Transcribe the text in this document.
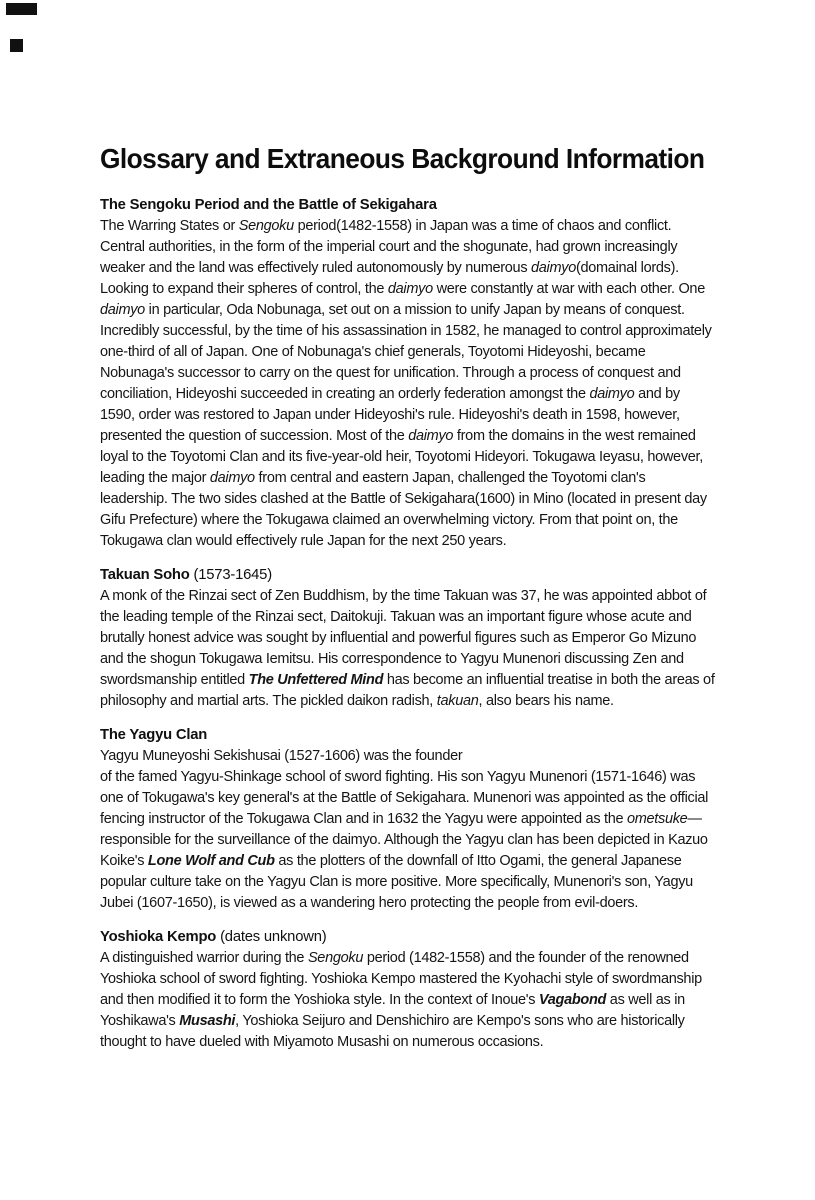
Glossary and Extraneous Background Information
The Sengoku Period and the Battle of Sekigahara
The Warring States or Sengoku period(1482-1558) in Japan was a time of chaos and conflict. Central authorities, in the form of the imperial court and the shogunate, had grown increasingly weaker and the land was effectively ruled autonomously by numerous daimyo(domainal lords). Looking to expand their spheres of control, the daimyo were constantly at war with each other. One daimyo in particular, Oda Nobunaga, set out on a mission to unify Japan by means of conquest. Incredibly successful, by the time of his assassination in 1582, he managed to control approximately one-third of all of Japan. One of Nobunaga's chief generals, Toyotomi Hideyoshi, became Nobunaga's successor to carry on the quest for unification. Through a process of conquest and conciliation, Hideyoshi succeeded in creating an orderly federation amongst the daimyo and by 1590, order was restored to Japan under Hideyoshi's rule. Hideyoshi's death in 1598, however, presented the question of succession. Most of the daimyo from the domains in the west remained loyal to the Toyotomi Clan and its five-year-old heir, Toyotomi Hideyori. Tokugawa Ieyasu, however, leading the major daimyo from central and eastern Japan, challenged the Toyotomi clan's leadership. The two sides clashed at the Battle of Sekigahara(1600) in Mino (located in present day Gifu Prefecture) where the Tokugawa claimed an overwhelming victory. From that point on, the Tokugawa clan would effectively rule Japan for the next 250 years.
Takuan Soho (1573-1645)
A monk of the Rinzai sect of Zen Buddhism, by the time Takuan was 37, he was appointed abbot of the leading temple of the Rinzai sect, Daitokuji. Takuan was an important figure whose acute and brutally honest advice was sought by influential and powerful figures such as Emperor Go Mizuno and the shogun Tokugawa Iemitsu. His correspondence to Yagyu Munenori discussing Zen and swordsmanship entitled The Unfettered Mind has become an influential treatise in both the areas of philosophy and martial arts. The pickled daikon radish, takuan, also bears his name.
The Yagyu Clan
Yagyu Muneyoshi Sekishusai (1527-1606) was the founder
of the famed Yagyu-Shinkage school of sword fighting. His son Yagyu Munenori (1571-1646) was one of Tokugawa's key general's at the Battle of Sekigahara. Munenori was appointed as the official fencing instructor of the Tokugawa Clan and in 1632 the Yagyu were appointed as the ometsuke—responsible for the surveillance of the daimyo. Although the Yagyu clan has been depicted in Kazuo Koike's Lone Wolf and Cub as the plotters of the downfall of Itto Ogami, the general Japanese popular culture take on the Yagyu Clan is more positive. More specifically, Munenori's son, Yagyu Jubei (1607-1650), is viewed as a wandering hero protecting the people from evil-doers.
Yoshioka Kempo (dates unknown)
A distinguished warrior during the Sengoku period (1482-1558) and the founder of the renowned Yoshioka school of sword fighting. Yoshioka Kempo mastered the Kyohachi style of swordmanship and then modified it to form the Yoshioka style. In the context of Inoue's Vagabond as well as in Yoshikawa's Musashi, Yoshioka Seijuro and Denshichiro are Kempo's sons who are historically thought to have dueled with Miyamoto Musashi on numerous occasions.
